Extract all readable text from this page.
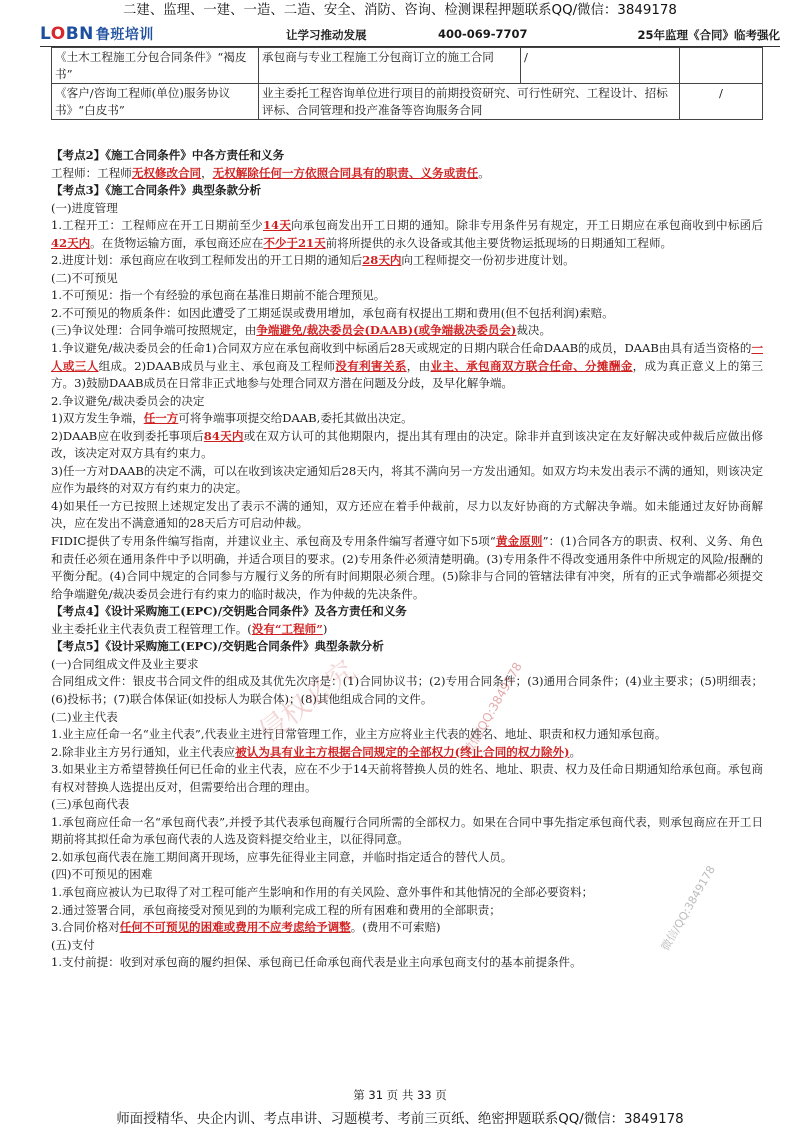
二建、监理、一建、一造、二造、安全、消防、咨询、检测课程押题联系QQ/微信：3849178
LOBN 鲁班培训	让学习推动发展	400-069-7707	25年监理《合同》临考强化
《土木工程施工分包合同条件》“褐皮书”	承包商与专业工程施工分包商订立的施工合同	/	
《客户/咨询工程师(单位)服务协议书》“白皮书”	业主委托工程咨询单位进行项目的前期投资研究、可行性研究、工程设计、招标评标、合同管理和投产准备等咨询服务合同		/

【考点2】《施工合同条件》中各方责任和义务

工程师：工程师无权修改合同，无权解除任何一方依照合同具有的职责、义务或责任。

【考点3】《施工合同条件》典型条款分析

(一)进度管理

1.工程开工：工程师应在开工日期前至少14天向承包商发出开工日期的通知。除非专用条件另有规定，开工日期应在承包商收到中标函后42天内。在货物运输方面，承包商还应在不少于21天前将所提供的永久设备或其他主要货物运抵现场的日期通知工程师。

2.进度计划：承包商应在收到工程师发出的开工日期的通知后28天内向工程师提交一份初步进度计划。

(二)不可预见

1.不可预见：指一个有经验的承包商在基准日期前不能合理预见。

2.不可预见的物质条件：如因此遭受了工期延误或费用增加，承包商有权提出工期和费用(但不包括利润)索赔。

(三)争议处理：合同争端可按照规定，由争端避免/裁决委员会(DAAB)(或争端裁决委员会)裁决。

1.争议避免/裁决委员会的任命1)合同双方应在承包商收到中标函后28天或规定的日期内联合任命DAAB的成员，DAAB由具有适当资格的一人或三人组成。2)DAAB成员与业主、承包商及工程师没有利害关系，由业主、承包商双方联合任命、分摊酬金，成为真正意义上的第三方。3)鼓励DAAB成员在日常非正式地参与处理合同双方潜在问题及分歧，及早化解争端。

2.争议避免/裁决委员会的决定

1)双方发生争端，任一方可将争端事项提交给DAAB,委托其做出决定。

2)DAAB应在收到委托事项后84天内或在双方认可的其他期限内，提出其有理由的决定。除非并直到该决定在友好解决或仲裁后应做出修改，该决定对双方具有约束力。

3)任一方对DAAB的决定不满，可以在收到该决定通知后28天内，将其不满向另一方发出通知。如双方均未发出表示不满的通知，则该决定应作为最终的对双方有约束力的决定。

4)如果任一方已按照上述规定发出了表示不满的通知，双方还应在着手仲裁前，尽力以友好协商的方式解决争端。如未能通过友好协商解决，应在发出不满意通知的28天后方可启动仲裁。

FIDIC提供了专用条件编写指南，并建议业主、承包商及专用条件编写者遵守如下5项“黄金原则”：(1)合同各方的职责、权利、义务、角色和责任必须在通用条件中予以明确，并适合项目的要求。(2)专用条件必须清楚明确。(3)专用条件不得改变通用条件中所规定的风险/报酬的平衡分配。(4)合同中规定的合同参与方履行义务的所有时间期限必须合理。(5)除非与合同的管辖法律有冲突，所有的正式争端都必须提交给争端避免/裁决委员会进行有约束力的临时裁决，作为仲裁的先决条件。

【考点4】《设计采购施工(EPC)/交钥匙合同条件》及各方责任和义务

业主委托业主代表负责工程管理工作。(没有“工程师”)

【考点5】《设计采购施工(EPC)/交钥匙合同条件》典型条款分析

(一)合同组成文件及业主要求

合同组成文件：银皮书合同文件的组成及其优先次序是：(1)合同协议书；(2)专用合同条件；(3)通用合同条件；(4)业主要求；(5)明细表；(6)投标书；(7)联合体保证(如投标人为联合体)；(8)其他组成合同的文件。

(二)业主代表

1.业主应任命一名“业主代表”,代表业主进行日常管理工作，业主方应将业主代表的姓名、地址、职责和权力通知承包商。

2.除非业主方另行通知，业主代表应被认为具有业主方根据合同规定的全部权力(终止合同的权力除外)。

3.如果业主方希望替换任何已任命的业主代表，应在不少于14天前将替换人员的姓名、地址、职责、权力及任命日期通知给承包商。承包商有权对替换人选提出反对，但需要给出合理的理由。

(三)承包商代表

1.承包商应任命一名“承包商代表”,并授予其代表承包商履行合同所需的全部权力。如果在合同中事先指定承包商代表，则承包商应在开工日期前将其拟任命为承包商代表的人选及资料提交给业主，以征得同意。

2.如承包商代表在施工期间离开现场，应事先征得业主同意，并临时指定适合的替代人员。

(四)不可预见的困难

1.承包商应被认为已取得了对工程可能产生影响和作用的有关风险、意外事件和其他情况的全部必要资料；

2.通过签署合同，承包商接受对预见到的为顺利完成工程的所有困难和费用的全部职责；

3.合同价格对任何不可预见的困难或费用不应考虑给予调整。(费用不可索赔)

(五)支付

1.支付前提：收到对承包商的履约担保、承包商已任命承包商代表是业主向承包商支付的基本前提条件。

侵权必究	微信/QQ:3849178
微信/QQ:3849178
第 31 页 共 33 页
师面授精华、央企内训、考点串讲、习题模考、考前三页纸、绝密押题联系QQ/微信：3849178
